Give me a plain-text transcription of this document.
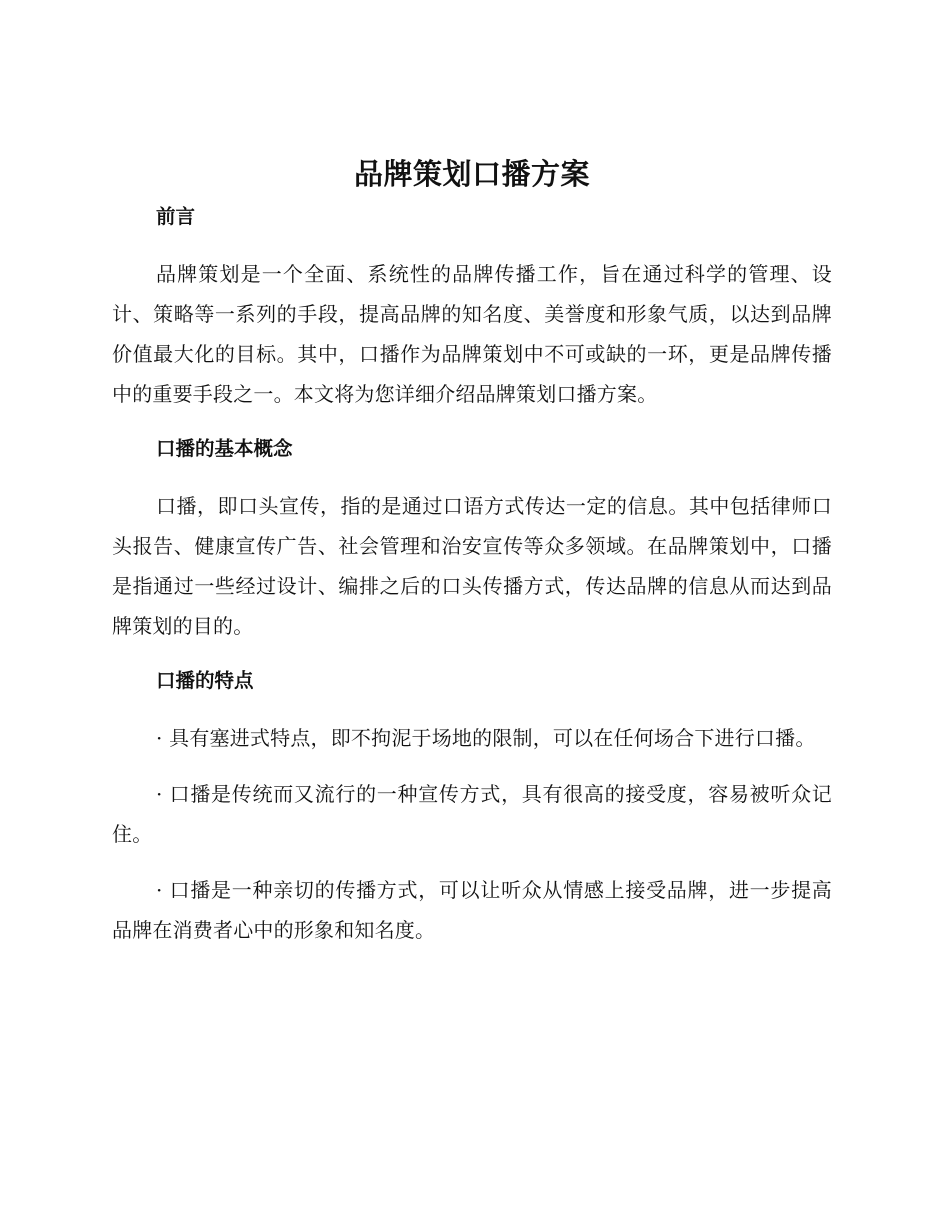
品牌策划口播方案
前言

品牌策划是一个全面、系统性的品牌传播工作，旨在通过科学的管理、设计、策略等一系列的手段，提高品牌的知名度、美誉度和形象气质，以达到品牌价值最大化的目标。其中，口播作为品牌策划中不可或缺的一环，更是品牌传播中的重要手段之一。本文将为您详细介绍品牌策划口播方案。

口播的基本概念

口播，即口头宣传，指的是通过口语方式传达一定的信息。其中包括律师口头报告、健康宣传广告、社会管理和治安宣传等众多领域。在品牌策划中，口播是指通过一些经过设计、编排之后的口头传播方式，传达品牌的信息从而达到品牌策划的目的。

口播的特点

· 具有塞进式特点，即不拘泥于场地的限制，可以在任何场合下进行口播。

· 口播是传统而又流行的一种宣传方式，具有很高的接受度，容易被听众记住。

· 口播是一种亲切的传播方式，可以让听众从情感上接受品牌，进一步提高品牌在消费者心中的形象和知名度。
